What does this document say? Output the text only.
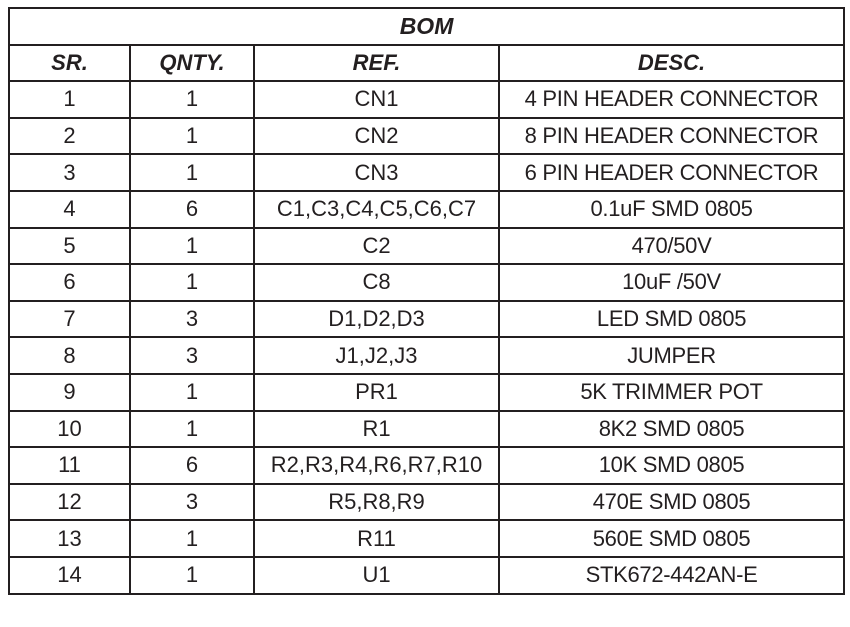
BOM			
SR.	QNTY.	REF.	DESC.
1	1	CN1	4 PIN HEADER CONNECTOR
2	1	CN2	8 PIN HEADER CONNECTOR
3	1	CN3	6 PIN HEADER CONNECTOR
4	6	C1,C3,C4,C5,C6,C7	0.1uF SMD 0805
5	1	C2	470/50V
6	1	C8	10uF /50V
7	3	D1,D2,D3	LED SMD 0805
8	3	J1,J2,J3	JUMPER
9	1	PR1	5K TRIMMER POT
10	1	R1	8K2 SMD 0805
11	6	R2,R3,R4,R6,R7,R10	10K SMD 0805
12	3	R5,R8,R9	470E SMD 0805
13	1	R11	560E SMD 0805
14	1	U1	STK672-442AN-E
